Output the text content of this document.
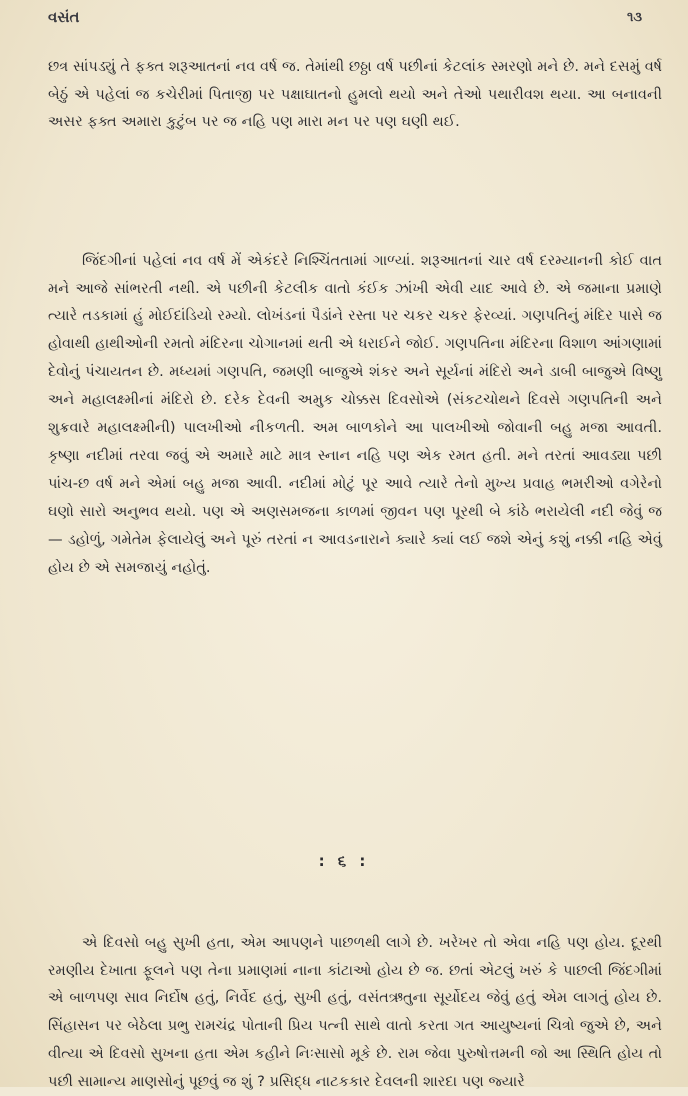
વસંત	૧૩

છત્ર સાંપડ્યું તે ફક્ત શરૂઆતનાં નવ વર્ષ જ. તેમાંથી છઠ્ઠા વર્ષ પછીનાં કેટલાંક સ્મરણો મને છે. મને દસમું વર્ષ બેઠું એ પહેલાં જ કચેરીમાં પિતાજી પર પક્ષાઘાતનો હુમલો થયો અને તેઓ પથારીવશ થયા. આ બનાવની અસર ફક્ત અમારા કુટુંબ પર જ નહિ પણ મારા મન પર પણ ઘણી થઈ.

જિંદગીનાં પહેલાં નવ વર્ષ મેં એકંદરે નિશ્ચિંતતામાં ગાળ્યાં. શરૂઆતનાં ચાર વર્ષ દરમ્યાનની કોઈ વાત મને આજે સાંભરતી નથી. એ પછીની કેટલીક વાતો કંઈક ઝાંખી એવી યાદ આવે છે. એ જમાના પ્રમાણે ત્યારે તડકામાં હું મોઈદાંડિયો રમ્યો. લોખંડનાં પૈડાંને રસ્તા પર ચકર ચકર ફેરવ્યાં. ગણપતિનું મંદિર પાસે જ હોવાથી હાથીઓની રમતો મંદિરના ચોગાનમાં થતી એ ધરાઈને જોઈ. ગણપતિના મંદિરના વિશાળ આંગણામાં દેવોનું પંચાયતન છે. મધ્યમાં ગણપતિ, જમણી બાજુએ શંકર અને સૂર્યનાં મંદિરો અને ડાબી બાજુએ વિષ્ણુ અને મહાલક્ષ્મીનાં મંદિરો છે. દરેક દેવની અમુક ચોક્કસ દિવસોએ (સંકટચોથને દિવસે ગણપતિની અને શુક્રવારે મહાલક્ષ્મીની) પાલખીઓ નીકળતી. અમ બાળકોને આ પાલખીઓ જોવાની બહુ મજા આવતી. કૃષ્ણા નદીમાં તરવા જવું એ અમારે માટે માત્ર સ્નાન નહિ પણ એક રમત હતી. મને તરતાં આવડ્યા પછી પાંચ-છ વર્ષ મને એમાં બહુ મજા આવી. નદીમાં મોટું પૂર આવે ત્યારે તેનો મુખ્ય પ્રવાહ ભમરીઓ વગેરેનો ઘણો સારો અનુભવ થયો. પણ એ અણસમજના કાળમાં જીવન પણ પૂરથી બે કાંઠે ભરાયેલી નદી જેવું જ — ડહોળું, ગમેતેમ ફેલાયેલું અને પૂરું તરતાં ન આવડનારાને ક્યારે ક્યાં લઈ જશે એનું કશું નક્કી નહિ એવું હોય છે એ સમજાયું નહોતું.

: ૬ :

એ દિવસો બહુ સુખી હતા, એમ આપણને પાછળથી લાગે છે. ખરેખર તો એવા નહિ પણ હોય. દૂરથી રમણીય દેખાતા ફૂલને પણ તેના પ્રમાણમાં નાના કાંટાઓ હોય છે જ. છતાં એટલું ખરું કે પાછલી જિંદગીમાં એ બાળપણ સાવ નિર્દોષ હતું, નિર્વેદ હતું, સુખી હતું, વસંતઋતુના સૂર્યોદય જેવું હતું એમ લાગતું હોય છે. સિંહાસન પર બેઠેલા પ્રભુ રામચંદ્ર પોતાની પ્રિય પત્ની સાથે વાતો કરતા ગત આયુષ્યનાં ચિત્રો જુએ છે, અને વીત્યા એ દિવસો સુખના હતા એમ કહીને નિઃસાસો મૂકે છે. રામ જેવા પુરુષોત્તમની જો આ સ્થિતિ હોય તો પછી સામાન્ય માણસોનું પૂછવું જ શું ? પ્રસિદ્ધ નાટકકાર દેવલની શારદા પણ જ્યારે
